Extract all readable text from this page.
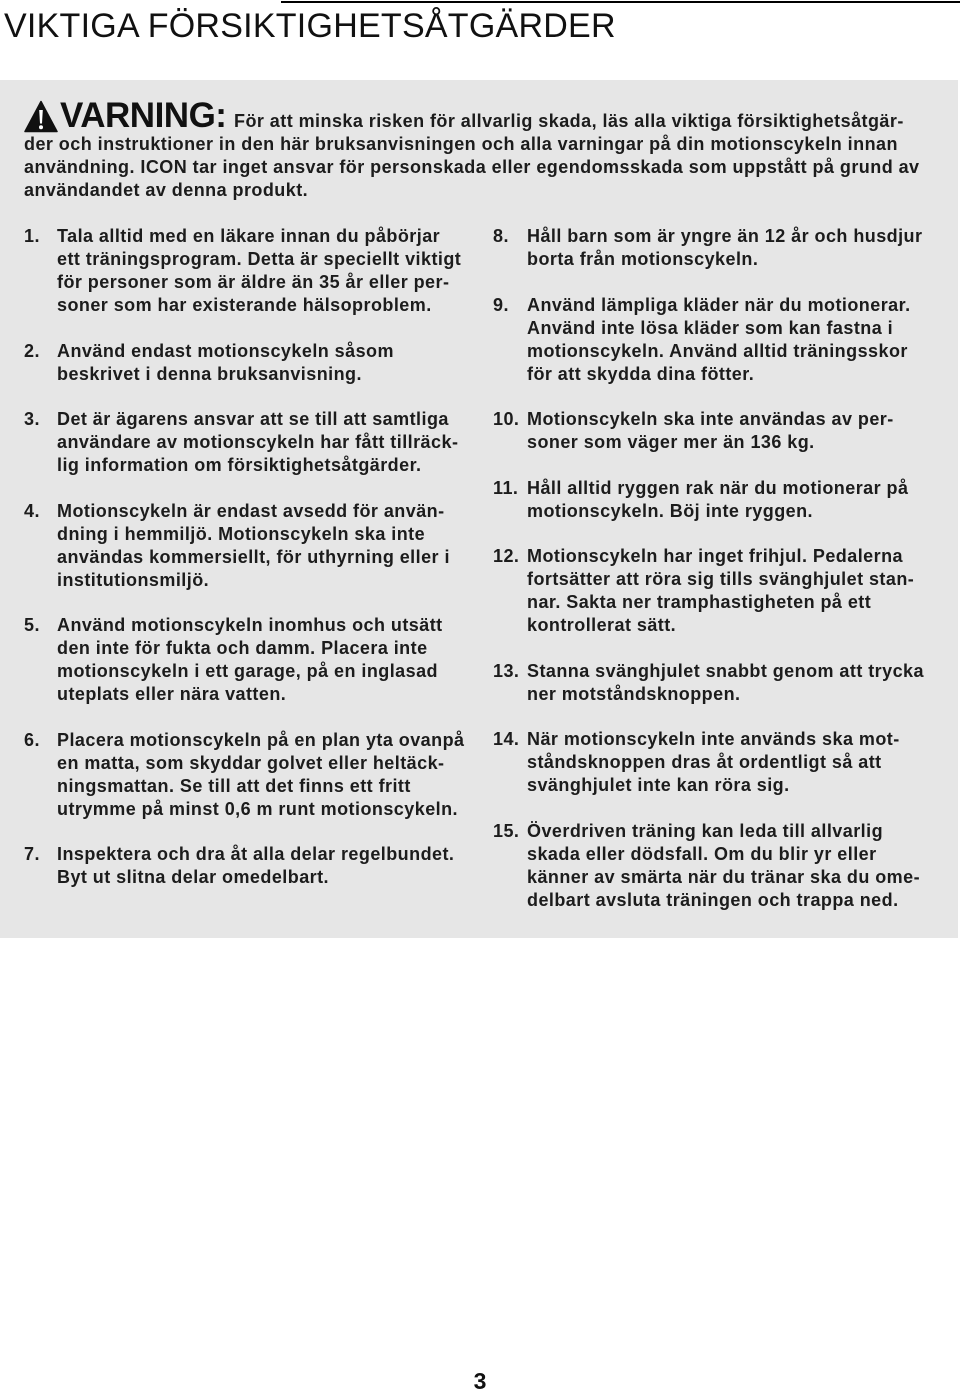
VIKTIGA FÖRSIKTIGHETSÅTGÄRDER
VARNING: För att minska risken för allvarlig skada, läs alla viktiga försiktighetsåtgär-
der och instruktioner in den här bruksanvisningen och alla varningar på din motionscykeln innan
användning. ICON tar inget ansvar för personskada eller egendomsskada som uppstått på grund av
användandet av denna produkt.
1. Tala alltid med en läkare innan du påbörjar
ett träningsprogram. Detta är speciellt viktigt
för personer som är äldre än 35 år eller per-
soner som har existerande hälsoproblem.
2. Använd endast motionscykeln såsom
beskrivet i denna bruksanvisning.
3. Det är ägarens ansvar att se till att samtliga
användare av motionscykeln har fått tillräck-
lig information om försiktighetsåtgärder.
4. Motionscykeln är endast avsedd för använ-
dning i hemmiljö. Motionscykeln ska inte
användas kommersiellt, för uthyrning eller i
institutionsmiljö.
5. Använd motionscykeln inomhus och utsätt
den inte för fukta och damm. Placera inte
motionscykeln i ett garage, på en inglasad
uteplats eller nära vatten.
6. Placera motionscykeln på en plan yta ovanpå
en matta, som skyddar golvet eller heltäck-
ningsmattan. Se till att det finns ett fritt
utrymme på minst 0,6 m runt motionscykeln.
7. Inspektera och dra åt alla delar regelbundet.
Byt ut slitna delar omedelbart.
8. Håll barn som är yngre än 12 år och husdjur
borta från motionscykeln.
9. Använd lämpliga kläder när du motionerar.
Använd inte lösa kläder som kan fastna i
motionscykeln. Använd alltid träningsskor
för att skydda dina fötter.
10. Motionscykeln ska inte användas av per-
soner som väger mer än 136 kg.
11. Håll alltid ryggen rak när du motionerar på
motionscykeln. Böj inte ryggen.
12. Motionscykeln har inget frihjul. Pedalerna
fortsätter att röra sig tills svänghjulet stan-
nar. Sakta ner tramphastigheten på ett
kontrollerat sätt.
13. Stanna svänghjulet snabbt genom att trycka
ner motståndsknoppen.
14. När motionscykeln inte används ska mot-
ståndsknoppen dras åt ordentligt så att
svänghjulet inte kan röra sig.
15. Överdriven träning kan leda till allvarlig
skada eller dödsfall. Om du blir yr eller
känner av smärta när du tränar ska du ome-
delbart avsluta träningen och trappa ned.
3
